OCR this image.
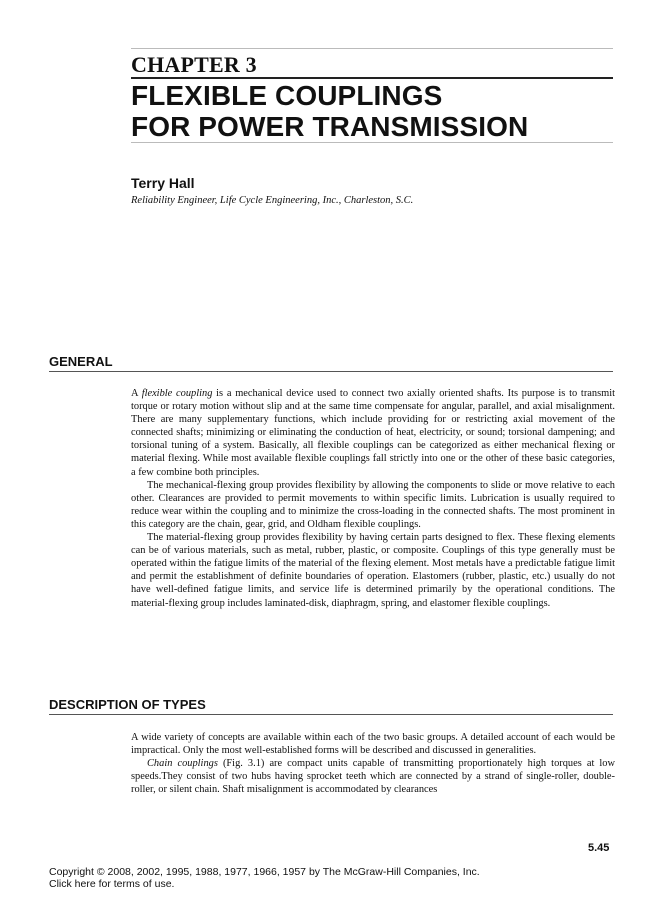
CHAPTER 3
FLEXIBLE COUPLINGS
FOR POWER TRANSMISSION
Terry Hall
Reliability Engineer, Life Cycle Engineering, Inc., Charleston, S.C.
GENERAL

A flexible coupling is a mechanical device used to connect two axially oriented shafts. Its purpose is to transmit torque or rotary motion without slip and at the same time compensate for angular, parallel, and axial misalignment. There are many supplementary functions, which include providing for or restricting axial movement of the connected shafts; minimizing or eliminating the conduction of heat, electricity, or sound; torsional dampening; and torsional tuning of a system. Basically, all flexible couplings can be categorized as either mechanical flexing or material flexing. While most available flexible couplings fall strictly into one or the other of these basic categories, a few combine both principles.

The mechanical-flexing group provides flexibility by allowing the components to slide or move relative to each other. Clearances are provided to permit movements to within specific limits. Lubrication is usually required to reduce wear within the coupling and to minimize the cross-loading in the connected shafts. The most prominent in this category are the chain, gear, grid, and Oldham flexible couplings.

The material-flexing group provides flexibility by having certain parts designed to flex. These flexing elements can be of various materials, such as metal, rubber, plastic, or composite. Couplings of this type generally must be operated within the fatigue limits of the material of the flexing element. Most metals have a predictable fatigue limit and permit the establishment of definite boundaries of operation. Elastomers (rubber, plastic, etc.) usually do not have well-defined fatigue limits, and service life is determined primarily by the operational conditions. The material-flexing group includes laminated-disk, diaphragm, spring, and elastomer flexible couplings.

DESCRIPTION OF TYPES

A wide variety of concepts are available within each of the two basic groups. A detailed account of each would be impractical. Only the most well-established forms will be described and discussed in generalities.

Chain couplings (Fig. 3.1) are compact units capable of transmitting proportionately high torques at low speeds.They consist of two hubs having sprocket teeth which are connected by a strand of single-roller, double-roller, or silent chain. Shaft misalignment is accommodated by clearances

5.45
Copyright © 2008, 2002, 1995, 1988, 1977, 1966, 1957 by The McGraw-Hill Companies, Inc.
Click here for terms of use.
